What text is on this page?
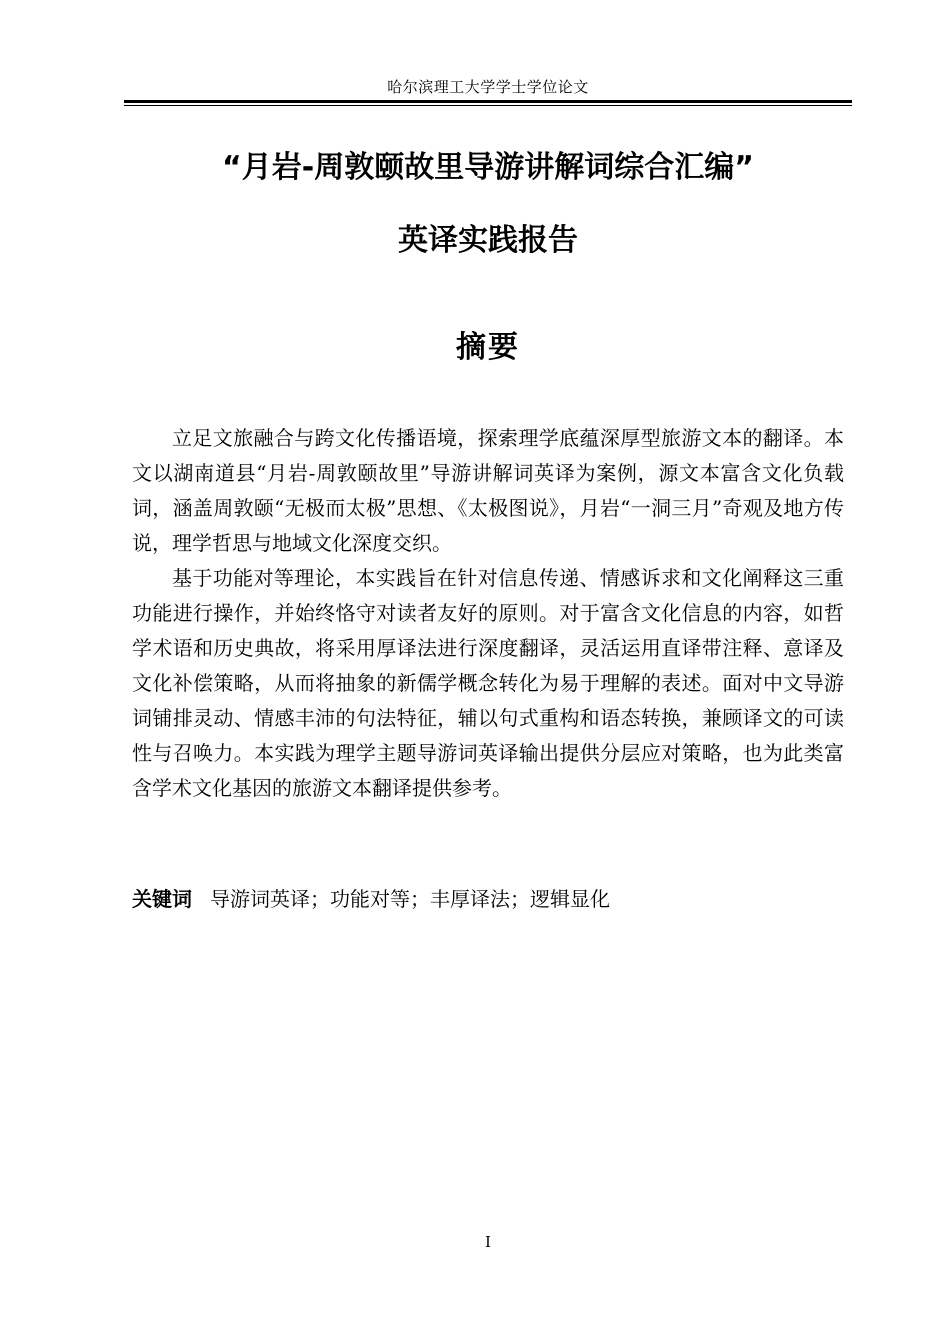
哈尔滨理工大学学士学位论文
“月岩-周敦颐故里导游讲解词综合汇编”
英译实践报告
摘要

立足文旅融合与跨文化传播语境，探索理学底蕴深厚型旅游文本的翻译。本文以湖南道县“月岩-周敦颐故里”导游讲解词英译为案例，源文本富含文化负载词，涵盖周敦颐“无极而太极”思想、《太极图说》，月岩“一洞三月”奇观及地方传说，理学哲思与地域文化深度交织。

基于功能对等理论，本实践旨在针对信息传递、情感诉求和文化阐释这三重功能进行操作，并始终恪守对读者友好的原则。对于富含文化信息的内容，如哲学术语和历史典故，将采用厚译法进行深度翻译，灵活运用直译带注释、意译及文化补偿策略，从而将抽象的新儒学概念转化为易于理解的表述。面对中文导游词铺排灵动、情感丰沛的句法特征，辅以句式重构和语态转换，兼顾译文的可读性与召唤力。本实践为理学主题导游词英译输出提供分层应对策略，也为此类富含学术文化基因的旅游文本翻译提供参考。

关键词 导游词英译；功能对等；丰厚译法；逻辑显化
I
